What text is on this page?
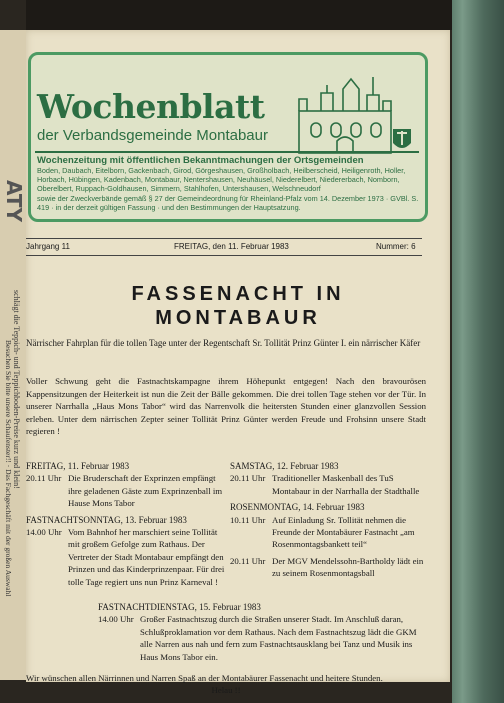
ATY
schlägt die Teppich- und Teppichboden-Preise kurz und klein!
Besuchen Sie bitte unsere Schaufenster!! · Das Fachgeschäft mit der großen Auswahl
Wochenblatt
der Verbandsgemeinde Montabaur
Wochenzeitung mit öffentlichen Bekanntmachungen der Ortsgemeinden
Boden, Daubach, Eitelborn, Gackenbach, Girod, Görgeshausen, Großholbach, Heilberscheid, Heiligenroth, Holler, Horbach, Hübingen, Kadenbach, Montabaur, Nentershausen, Neuhäusel, Niederelbert, Niedererbach, Nomborn, Oberelbert, Ruppach-Goldhausen, Simmern, Stahlhofen, Untershausen, Welschneudorf
sowie der Zweckverbände gemäß § 27 der Gemeindeordnung für Rheinland-Pfalz vom 14. Dezember 1973 · GVBl. S. 419 · in der derzeit gültigen Fassung · und den Bestimmungen der Hauptsatzung.
Jahrgang 11	FREITAG, den 11. Februar 1983	Nummer: 6
FASSENACHT IN
MONTABAUR
Närrischer Fahrplan für die tollen Tage unter der Regentschaft Sr. Tollität Prinz Günter I. ein närrischer Käfer
Voller Schwung geht die Fastnachtskampagne ihrem Höhepunkt entgegen! Nach den bravourösen Kappensitzungen der Heiterkeit ist nun die Zeit der Bälle gekommen. Die drei tollen Tage stehen vor der Tür. In unserer Narrhalla „Haus Mons Tabor“ wird das Narrenvolk die heitersten Stunden einer glanzvollen Session erleben. Unter dem närrischen Zepter seiner Tollität Prinz Günter werden Freude und Frohsinn unsere Stadt regieren !
FREITAG, 11. Februar 1983
20.11 Uhr Die Bruderschaft der Exprinzen empfängt ihre geladenen Gäste zum Exprinzenball im Hause Mons Tabor
FASTNACHTSONNTAG, 13. Februar 1983
14.00 Uhr Vom Bahnhof her marschiert seine Tollität mit großem Gefolge zum Rathaus. Der Vertreter der Stadt Montabaur empfängt den Prinzen und das Kinderprinzenpaar. Für drei tolle Tage regiert uns nun Prinz Karneval !
SAMSTAG, 12. Februar 1983
20.11 Uhr Traditioneller Maskenball des TuS Montabaur in der Narrhalla der Stadthalle
ROSENMONTAG, 14. Februar 1983
10.11 Uhr Auf Einladung Sr. Tollität nehmen die Freunde der Montabäurer Fastnacht „am Rosenmontagsbankett teil“
20.11 Uhr Der MGV Mendelssohn-Bartholdy lädt ein zu seinem Rosenmontagsball
FASTNACHTDIENSTAG, 15. Februar 1983
14.00 Uhr Großer Fastnachtszug durch die Straßen unserer Stadt. Im Anschluß daran, Schlußproklamation vor dem Rathaus. Nach dem Fastnachtszug lädt die GKM alle Narren aus nah und fern zum Fastnachtsausklang bei Tanz und Musik ins Haus Mons Tabor ein.
Wir wünschen allen Närrinnen und Narren Spaß an der Montabäurer Fassenacht und heitere Stunden.
Helau !!
